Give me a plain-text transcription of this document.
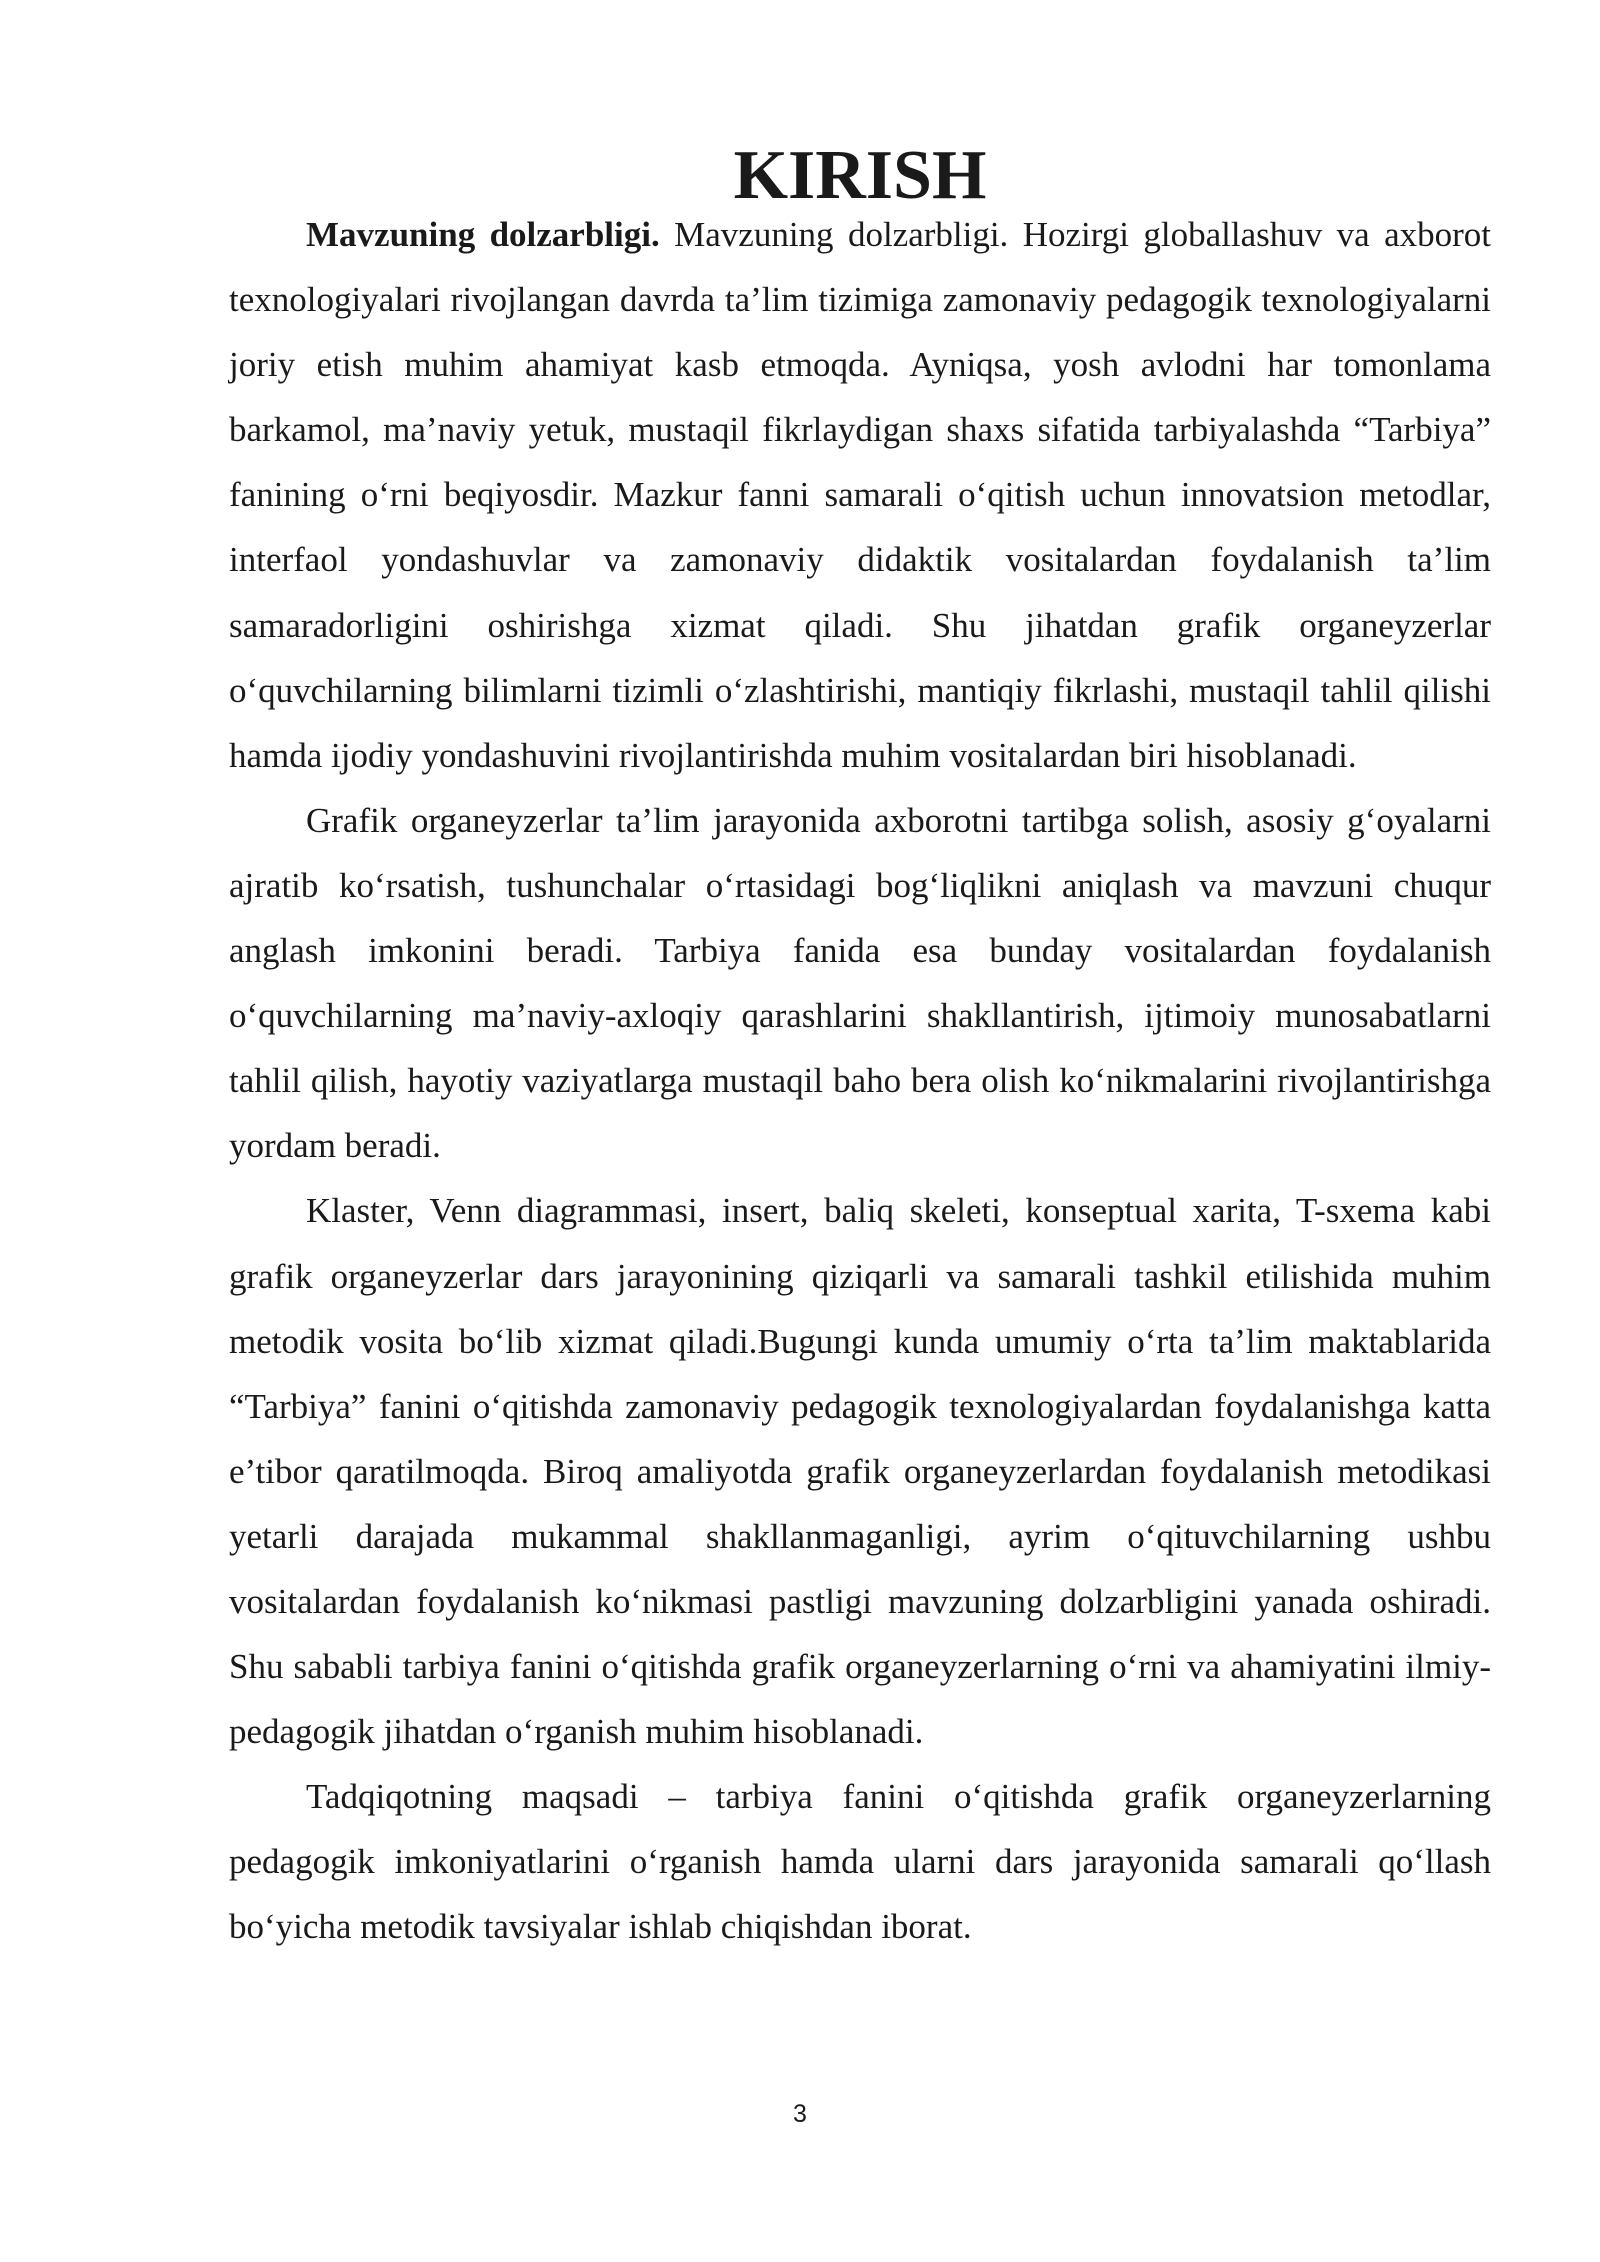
KIRISH

Mavzuning dolzarbligi. Mavzuning dolzarbligi. Hozirgi globallashuv va axborot texnologiyalari rivojlangan davrda ta’lim tizimiga zamonaviy pedagogik texnologiyalarni joriy etish muhim ahamiyat kasb etmoqda. Ayniqsa, yosh avlodni har tomonlama barkamol, ma’naviy yetuk, mustaqil fikrlaydigan shaxs sifatida tarbiyalashda “Tarbiya” fanining o‘rni beqiyosdir. Mazkur fanni samarali o‘qitish uchun innovatsion metodlar, interfaol yondashuvlar va zamonaviy didaktik vositalardan foydalanish ta’lim samaradorligini oshirishga xizmat qiladi. Shu jihatdan grafik organeyzerlar o‘quvchilarning bilimlarni tizimli o‘zlashtirishi, mantiqiy fikrlashi, mustaqil tahlil qilishi hamda ijodiy yondashuvini rivojlantirishda muhim vositalardan biri hisoblanadi.

Grafik organeyzerlar ta’lim jarayonida axborotni tartibga solish, asosiy g‘oyalarni ajratib ko‘rsatish, tushunchalar o‘rtasidagi bog‘liqlikni aniqlash va mavzuni chuqur anglash imkonini beradi. Tarbiya fanida esa bunday vositalardan foydalanish o‘quvchilarning ma’naviy-axloqiy qarashlarini shakllantirish, ijtimoiy munosabatlarni tahlil qilish, hayotiy vaziyatlarga mustaqil baho bera olish ko‘nikmalarini rivojlantirishga yordam beradi.

Klaster, Venn diagrammasi, insert, baliq skeleti, konseptual xarita, T-sxema kabi grafik organeyzerlar dars jarayonining qiziqarli va samarali tashkil etilishida muhim metodik vosita bo‘lib xizmat qiladi.Bugungi kunda umumiy o‘rta ta’lim maktablarida “Tarbiya” fanini o‘qitishda zamonaviy pedagogik texnologiyalardan foydalanishga katta e’tibor qaratilmoqda. Biroq amaliyotda grafik organeyzerlardan foydalanish metodikasi yetarli darajada mukammal shakllanmaganligi, ayrim o‘qituvchilarning ushbu vositalardan foydalanish ko‘nikmasi pastligi mavzuning dolzarbligini yanada oshiradi. Shu sababli tarbiya fanini o‘qitishda grafik organeyzerlarning o‘rni va ahamiyatini ilmiy-pedagogik jihatdan o‘rganish muhim hisoblanadi.

Tadqiqotning maqsadi – tarbiya fanini o‘qitishda grafik organeyzerlarning pedagogik imkoniyatlarini o‘rganish hamda ularni dars jarayonida samarali qo‘llash bo‘yicha metodik tavsiyalar ishlab chiqishdan iborat.

3
